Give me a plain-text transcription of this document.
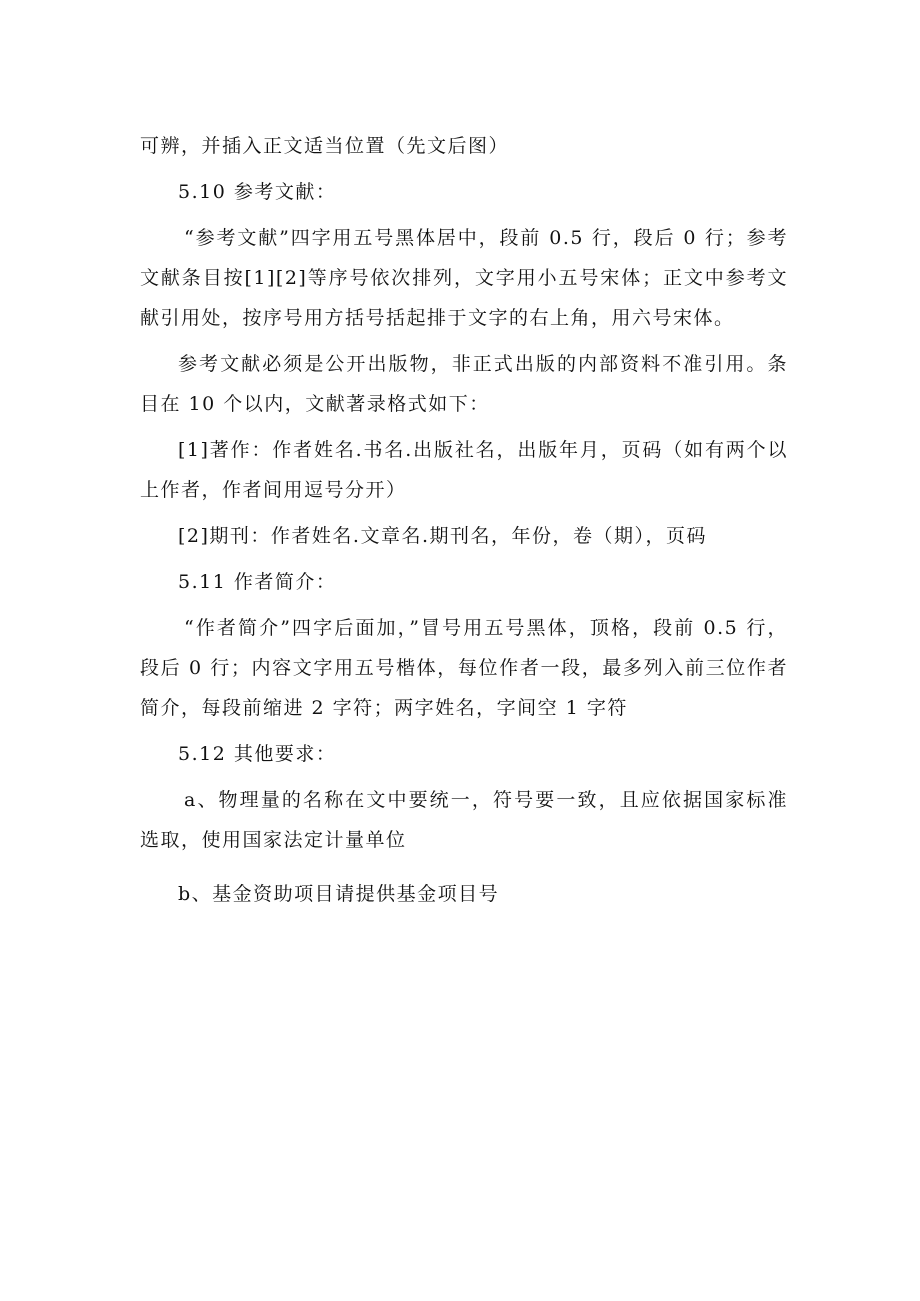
可辨，并插入正文适当位置（先文后图）

5.10 参考文献：

“参考文献”四字用五号黑体居中，段前 0.5 行，段后 0 行；参考文献条目按[1][2]等序号依次排列，文字用小五号宋体；正文中参考文献引用处，按序号用方括号括起排于文字的右上角，用六号宋体。

参考文献必须是公开出版物，非正式出版的内部资料不准引用。条目在 10 个以内，文献著录格式如下：

[1]著作：作者姓名.书名.出版社名，出版年月，页码（如有两个以上作者，作者间用逗号分开）

[2]期刊：作者姓名.文章名.期刊名，年份，卷（期），页码

5.11 作者简介：

“作者简介”四字后面加，”冒号用五号黑体，顶格，段前 0.5 行，段后 0 行；内容文字用五号楷体，每位作者一段，最多列入前三位作者简介，每段前缩进 2 字符；两字姓名，字间空 1 字符

5.12 其他要求：

a、物理量的名称在文中要统一，符号要一致，且应依据国家标准选取，使用国家法定计量单位

b、基金资助项目请提供基金项目号
